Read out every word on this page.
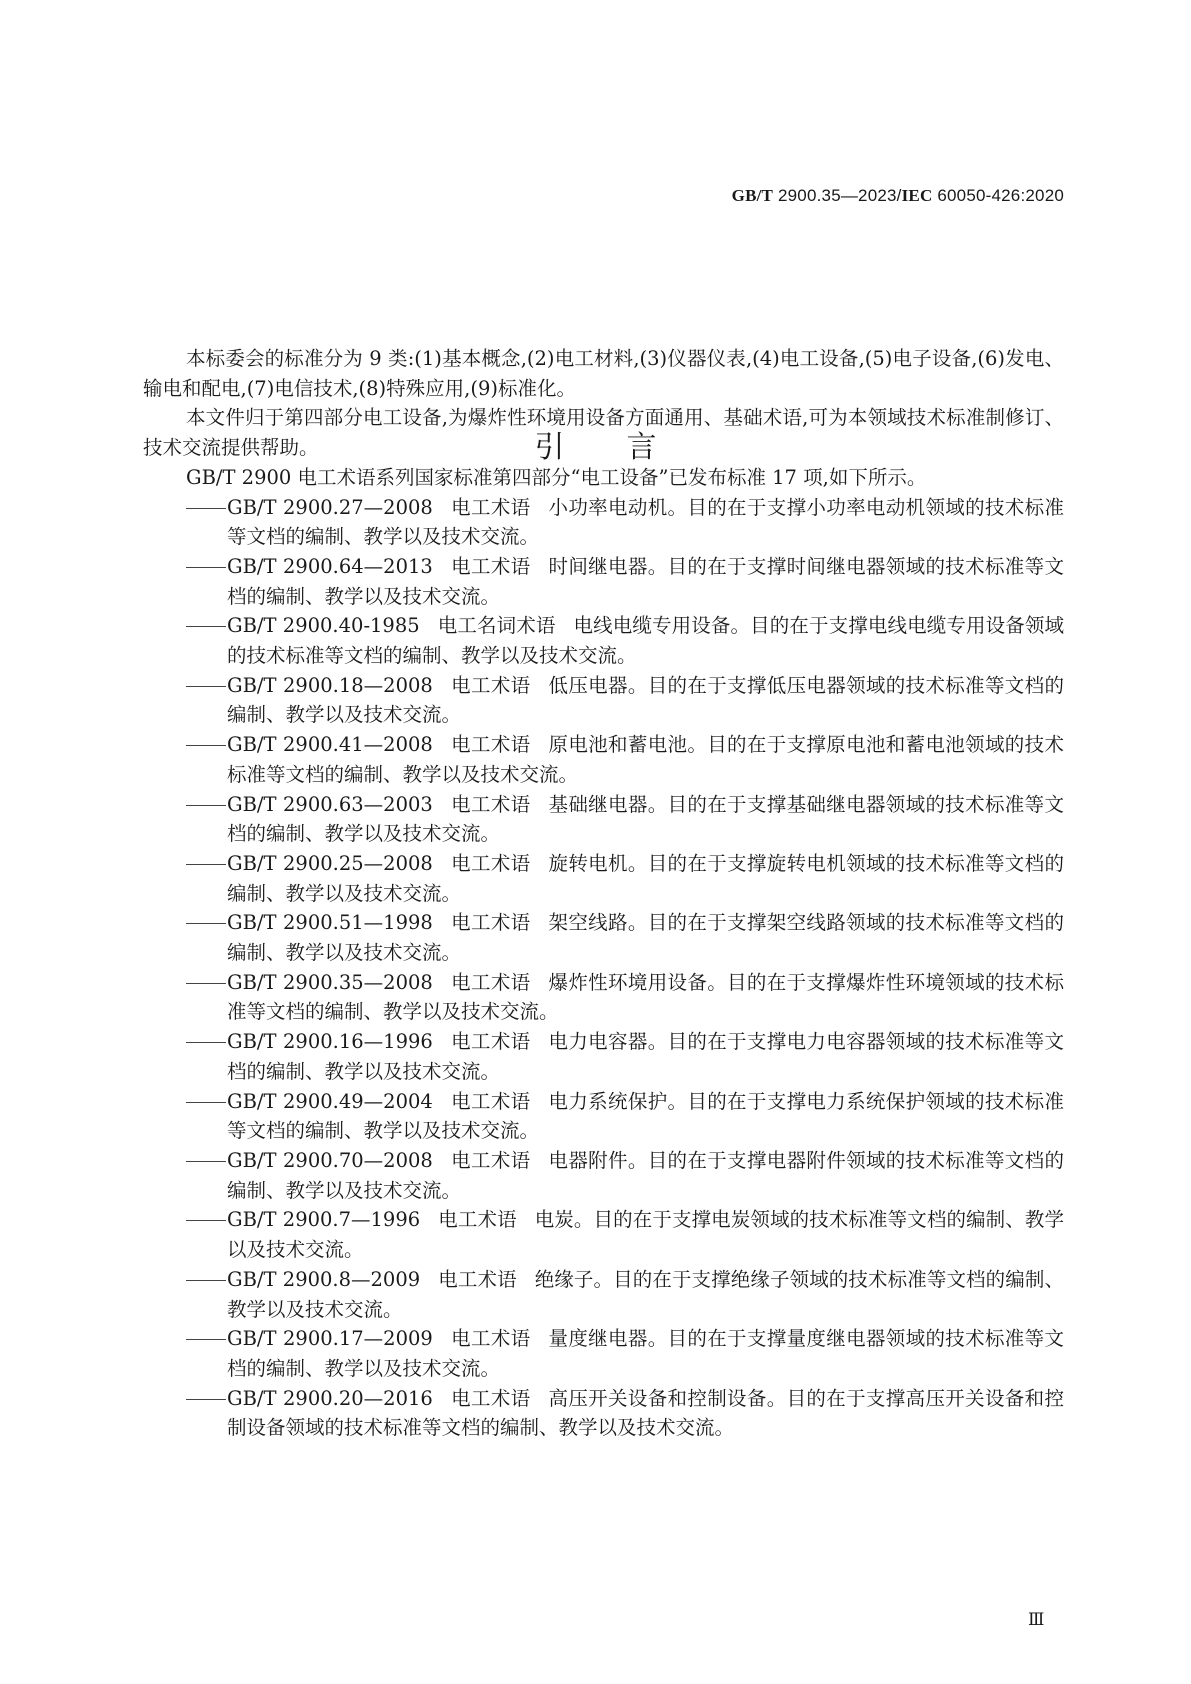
GB/T 2900.35—2023/IEC 60050-426:2020
引 言

本标委会的标准分为 9 类:(1)基本概念,(2)电工材料,(3)仪器仪表,(4)电工设备,(5)电子设备,(6)发电、输电和配电,(7)电信技术,(8)特殊应用,(9)标准化。

本文件归于第四部分电工设备,为爆炸性环境用设备方面通用、基础术语,可为本领域技术标准制修订、技术交流提供帮助。

GB/T 2900 电工术语系列国家标准第四部分“电工设备”已发布标准 17 项,如下所示。

GB/T 2900.27—2008 电工术语 小功率电动机。目的在于支撑小功率电动机领域的技术标准等文档的编制、教学以及技术交流。

GB/T 2900.64—2013 电工术语 时间继电器。目的在于支撑时间继电器领域的技术标准等文档的编制、教学以及技术交流。

GB/T 2900.40-1985 电工名词术语 电线电缆专用设备。目的在于支撑电线电缆专用设备领域的技术标准等文档的编制、教学以及技术交流。

GB/T 2900.18—2008 电工术语 低压电器。目的在于支撑低压电器领域的技术标准等文档的编制、教学以及技术交流。

GB/T 2900.41—2008 电工术语 原电池和蓄电池。目的在于支撑原电池和蓄电池领域的技术标准等文档的编制、教学以及技术交流。

GB/T 2900.63—2003 电工术语 基础继电器。目的在于支撑基础继电器领域的技术标准等文档的编制、教学以及技术交流。

GB/T 2900.25—2008 电工术语 旋转电机。目的在于支撑旋转电机领域的技术标准等文档的编制、教学以及技术交流。

GB/T 2900.51—1998 电工术语 架空线路。目的在于支撑架空线路领域的技术标准等文档的编制、教学以及技术交流。

GB/T 2900.35—2008 电工术语 爆炸性环境用设备。目的在于支撑爆炸性环境领域的技术标准等文档的编制、教学以及技术交流。

GB/T 2900.16—1996 电工术语 电力电容器。目的在于支撑电力电容器领域的技术标准等文档的编制、教学以及技术交流。

GB/T 2900.49—2004 电工术语 电力系统保护。目的在于支撑电力系统保护领域的技术标准等文档的编制、教学以及技术交流。

GB/T 2900.70—2008 电工术语 电器附件。目的在于支撑电器附件领域的技术标准等文档的编制、教学以及技术交流。

GB/T 2900.7—1996 电工术语 电炭。目的在于支撑电炭领域的技术标准等文档的编制、教学以及技术交流。

GB/T 2900.8—2009 电工术语 绝缘子。目的在于支撑绝缘子领域的技术标准等文档的编制、教学以及技术交流。

GB/T 2900.17—2009 电工术语 量度继电器。目的在于支撑量度继电器领域的技术标准等文档的编制、教学以及技术交流。

GB/T 2900.20—2016 电工术语 高压开关设备和控制设备。目的在于支撑高压开关设备和控制设备领域的技术标准等文档的编制、教学以及技术交流。

Ⅲ
